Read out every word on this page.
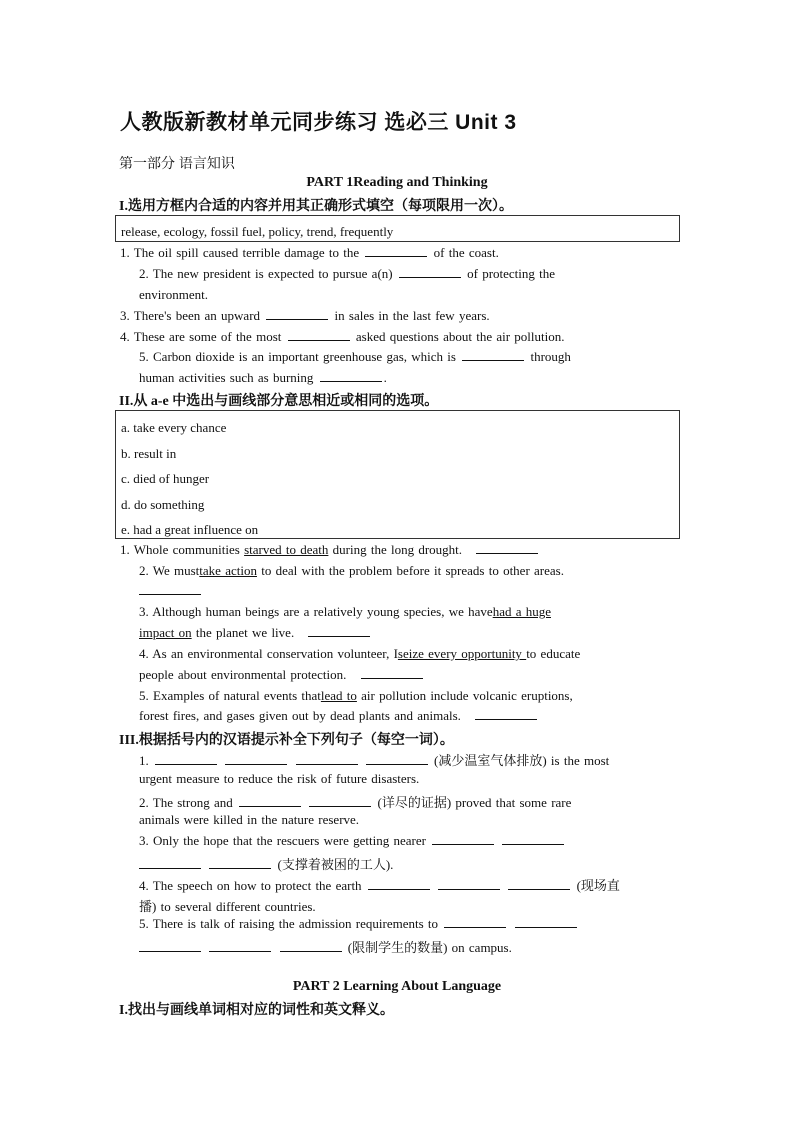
人教版新教材单元同步练习 选必三 Unit 3
第一部分 语言知识
PART 1Reading and Thinking
I.选用方框内合适的内容并用其正确形式填空（每项限用一次）。
release, ecology, fossil fuel, policy, trend, frequently
1. The oil spill caused terrible damage to the	of the coast.
2. The new president is expected to pursue a(n)	of protecting the
environment.
3. There's been an upward	in sales in the last few years.
4. These are some of the most	asked questions about the air pollution.
5. Carbon dioxide is an important greenhouse gas, which is	through
human activities such as burning	.
II.从 a-e 中选出与画线部分意思相近或相同的选项。
a. take every chance
b. result in
c. died of hunger
d. do something
e. had a great influence on
1. Whole communities starved to death during the long drought.
2. We musttake action to deal with the problem before it spreads to other areas.
3. Although human beings are a relatively young species, we havehad a huge
impact on the planet we live.
4. As an environmental conservation volunteer, Iseize every opportunity to educate
people about environmental protection.
5. Examples of natural events thatlead to air pollution include volcanic eruptions,
forest fires, and gases given out by dead plants and animals.
III.根据括号内的汉语提示补全下列句子（每空一词）。
1.	(减少温室气体排放) is the most
urgent measure to reduce the risk of future disasters.
2. The strong and	(详尽的证据) proved that some rare
animals were killed in the nature reserve.
3. Only the hope that the rescuers were getting nearer
(支撑着被困的工人).
4. The speech on how to protect the earth	(现场直
播) to several different countries.
5. There is talk of raising the admission requirements to
(限制学生的数量) on campus.
PART 2 Learning About Language
I.找出与画线单词相对应的词性和英文释义。
